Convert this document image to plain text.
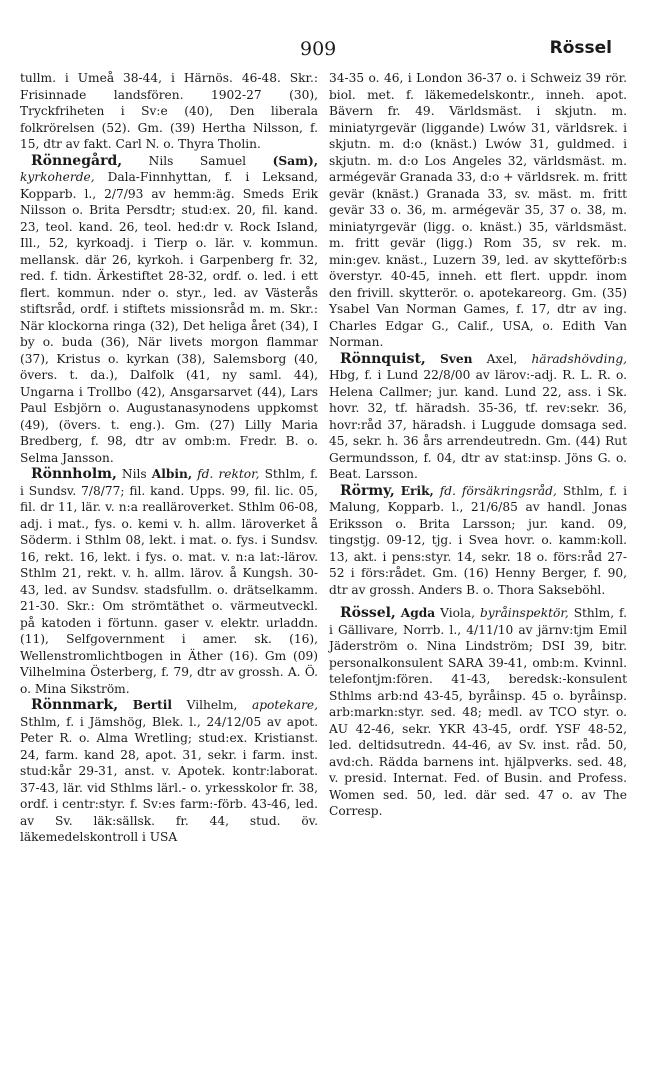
909	Rössel

tullm. i Umeå 38-44, i Härnös. 46-48. Skr.: Frisinnade landsfören. 1902-27 (30), Tryckfriheten i Sv:e (40), Den liberala folkrörelsen (52). Gm. (39) Hertha Nilsson, f. 15, dtr av fakt. Carl N. o. Thyra Tholin.

Rönnegård, Nils Samuel (Sam), kyrkoherde, Dala-Finnhyttan, f. i Leksand, Kopparb. l., 2/7/93 av hemm:äg. Smeds Erik Nilsson o. Brita Persdtr; stud:ex. 20, fil. kand. 23, teol. kand. 26, teol. hed:dr v. Rock Island, Ill., 52, kyrkoadj. i Tierp o. lär. v. kommun. mellansk. där 26, kyrkoh. i Garpenberg fr. 32, red. f. tidn. Ärkestiftet 28-32, ordf. o. led. i ett flert. kommun. nder o. styr., led. av Västerås stiftsråd, ordf. i stiftets missionsråd m. m. Skr.: När klockorna ringa (32), Det heliga året (34), I by o. buda (36), När livets morgon flammar (37), Kristus o. kyrkan (38), Salemsborg (40, övers. t. da.), Dalfolk (41, ny saml. 44), Ungarna i Trollbo (42), Ansgarsarvet (44), Lars Paul Esbjörn o. Augustanasynodens uppkomst (49), (övers. t. eng.). Gm. (27) Lilly Maria Bredberg, f. 98, dtr av omb:m. Fredr. B. o. Selma Jansson.

Rönnholm, Nils Albin, fd. rektor, Sthlm, f. i Sundsv. 7/8/77; fil. kand. Upps. 99, fil. lic. 05, fil. dr 11, lär. v. n:a realläroverket. Sthlm 06-08, adj. i mat., fys. o. kemi v. h. allm. läroverket å Söderm. i Sthlm 08, lekt. i mat. o. fys. i Sundsv. 16, rekt. 16, lekt. i fys. o. mat. v. n:a lat:-lärov. Sthlm 21, rekt. v. h. allm. lärov. å Kungsh. 30-43, led. av Sundsv. stadsfullm. o. drätselkamm. 21-30. Skr.: Om strömtäthet o. värmeutveckl. på katoden i förtunn. gaser v. elektr. urladdn. (11), Selfgovernment i amer. sk. (16), Wellenstromlichtbogen in Äther (16). Gm (09) Vilhelmina Österberg, f. 79, dtr av grossh. A. Ö. o. Mina Sikström.

Rönnmark, Bertil Vilhelm, apotekare, Sthlm, f. i Jämshög, Blek. l., 24/12/05 av apot. Peter R. o. Alma Wretling; stud:ex. Kristianst. 24, farm. kand 28, apot. 31, sekr. i farm. inst. stud:kår 29-31, anst. v. Apotek. kontr:laborat. 37-43, lär. vid Sthlms lärl.- o. yrkesskolor fr. 38, ordf. i centr:styr. f. Sv:es farm:-förb. 43-46, led. av Sv. läk:sällsk. fr. 44, stud. öv. läkemedelskontroll i USA

34-35 o. 46, i London 36-37 o. i Schweiz 39 rör. biol. met. f. läkemedelskontr., inneh. apot. Bävern fr. 49. Världsmäst. i skjutn. m. miniatyrgevär (liggande) Lwów 31, världsrek. i skjutn. m. d:o (knäst.) Lwów 31, guldmed. i skjutn. m. d:o Los Angeles 32, världsmäst. m. armégevär Granada 33, d:o + världsrek. m. fritt gevär (knäst.) Granada 33, sv. mäst. m. fritt gevär 33 o. 36, m. armégevär 35, 37 o. 38, m. miniatyrgevär (ligg. o. knäst.) 35, världsmäst. m. fritt gevär (ligg.) Rom 35, sv rek. m. min:gev. knäst., Luzern 39, led. av skytteförb:s överstyr. 40-45, inneh. ett flert. uppdr. inom den frivill. skytterör. o. apotekareorg. Gm. (35) Ysabel Van Norman Games, f. 17, dtr av ing. Charles Edgar G., Calif., USA, o. Edith Van Norman.

Rönnquist, Sven Axel, häradshövding, Hbg, f. i Lund 22/8/00 av lärov:-adj. R. L. R. o. Helena Callmer; jur. kand. Lund 22, ass. i Sk. hovr. 32, tf. häradsh. 35-36, tf. rev:sekr. 36, hovr:råd 37, häradsh. i Luggude domsaga sed. 45, sekr. h. 36 års arrendeutredn. Gm. (44) Rut Germundsson, f. 04, dtr av stat:insp. Jöns G. o. Beat. Larsson.

Rörmy, Erik, fd. försäkringsråd, Sthlm, f. i Malung, Kopparb. l., 21/6/85 av handl. Jonas Eriksson o. Brita Larsson; jur. kand. 09, tingstjg. 09-12, tjg. i Svea hovr. o. kamm:koll. 13, akt. i pens:styr. 14, sekr. 18 o. förs:råd 27-52 i förs:rådet. Gm. (16) Henny Berger, f. 90, dtr av grossh. Anders B. o. Thora Sakseböhl.

Rössel, Agda Viola, byråinspektör, Sthlm, f. i Gällivare, Norrb. l., 4/11/10 av järnv:tjm Emil Jäderström o. Nina Lindström; DSI 39, bitr. personalkonsulent SARA 39-41, omb:m. Kvinnl. telefontjm:fören. 41-43, beredsk:-konsulent Sthlms arb:nd 43-45, byråinsp. 45 o. byråinsp. arb:markn:styr. sed. 48; medl. av TCO styr. o. AU 42-46, sekr. YKR 43-45, ordf. YSF 48-52, led. deltidsutredn. 44-46, av Sv. inst. råd. 50, avd:ch. Rädda barnens int. hjälpverks. sed. 48, v. presid. Internat. Fed. of Busin. and Profess. Women sed. 50, led. där sed. 47 o. av The Corresp.
